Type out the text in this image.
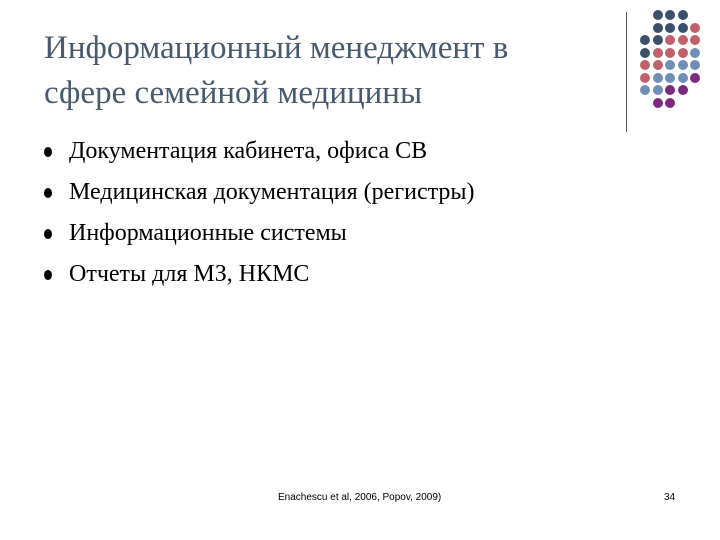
Информационный менеджмент в
сфере семейной медицины
Документация кабинета, офиса СВ
Медицинская документация (регистры)
Информационные системы
Отчеты для МЗ, НКМС
Enachescu et al, 2006, Popov, 2009)	34
